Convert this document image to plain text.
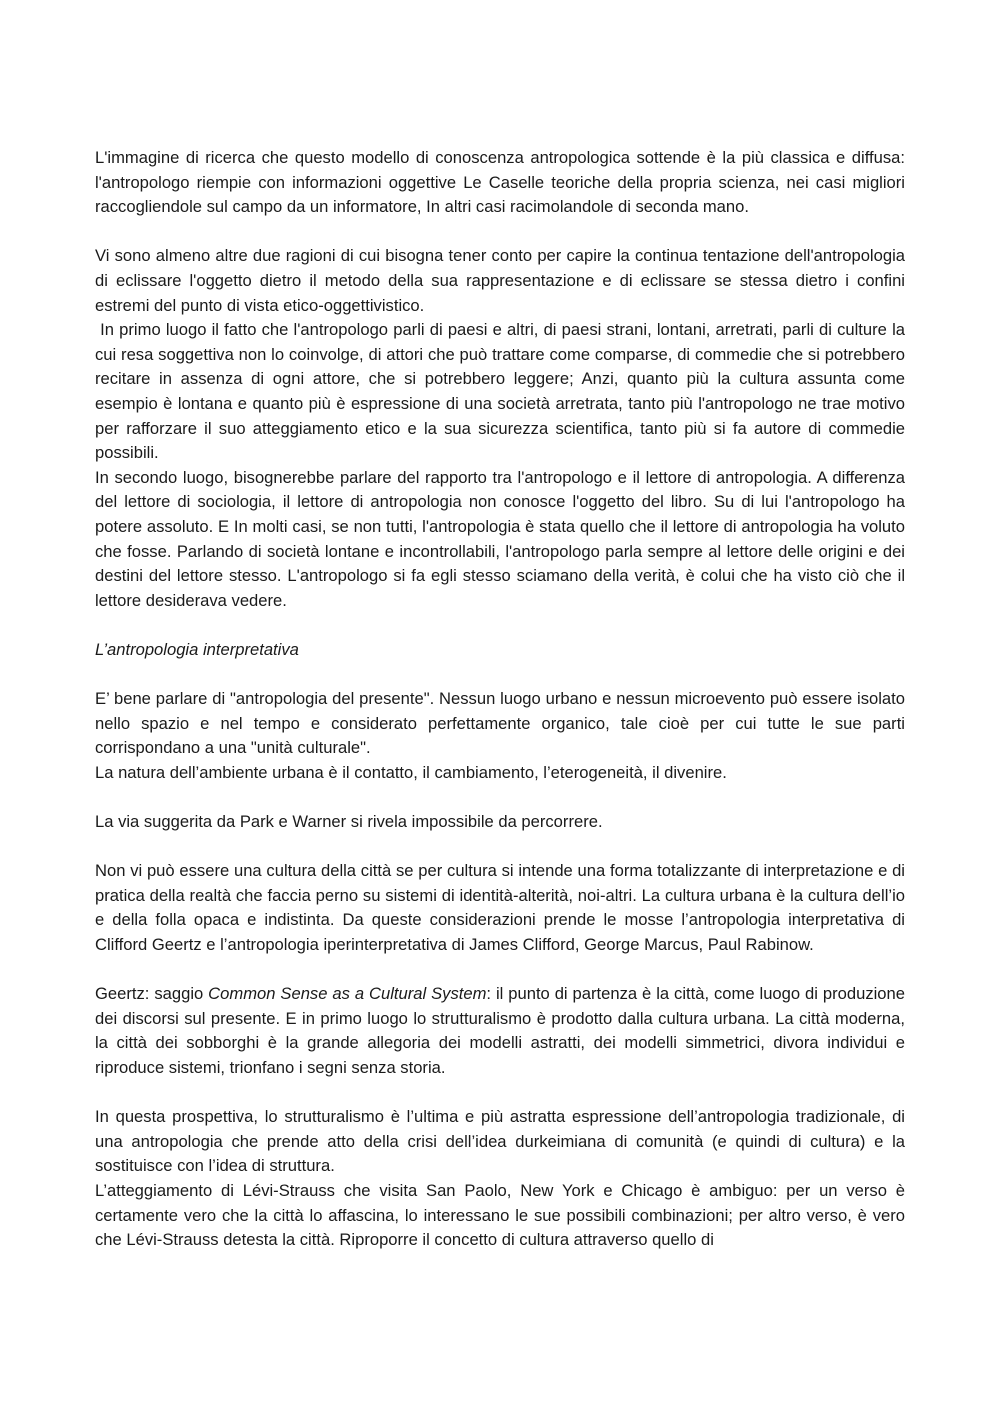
L'immagine di ricerca che questo modello di conoscenza antropologica sottende è la più classica e diffusa: l'antropologo riempie con informazioni oggettive Le Caselle teoriche della propria scienza, nei casi migliori raccogliendole sul campo da un informatore, In altri casi racimolandole di seconda mano.

Vi sono almeno altre due ragioni di cui bisogna tener conto per capire la continua tentazione dell'antropologia di eclissare l'oggetto dietro il metodo della sua rappresentazione e di eclissare se stessa dietro i confini estremi del punto di vista etico-oggettivistico.

In primo luogo il fatto che l'antropologo parli di paesi e altri, di paesi strani, lontani, arretrati, parli di culture la cui resa soggettiva non lo coinvolge, di attori che può trattare come comparse, di commedie che si potrebbero recitare in assenza di ogni attore, che si potrebbero leggere; Anzi, quanto più la cultura assunta come esempio è lontana e quanto più è espressione di una società arretrata, tanto più l'antropologo ne trae motivo per rafforzare il suo atteggiamento etico e la sua sicurezza scientifica, tanto più si fa autore di commedie possibili.

In secondo luogo, bisognerebbe parlare del rapporto tra l'antropologo e il lettore di antropologia. A differenza del lettore di sociologia, il lettore di antropologia non conosce l'oggetto del libro. Su di lui l'antropologo ha potere assoluto. E In molti casi, se non tutti, l'antropologia è stata quello che il lettore di antropologia ha voluto che fosse. Parlando di società lontane e incontrollabili, l'antropologo parla sempre al lettore delle origini e dei destini del lettore stesso. L'antropologo si fa egli stesso sciamano della verità, è colui che ha visto ciò che il lettore desiderava vedere.

L’antropologia interpretativa

E’ bene parlare di "antropologia del presente". Nessun luogo urbano e nessun microevento può essere isolato nello spazio e nel tempo e considerato perfettamente organico, tale cioè per cui tutte le sue parti corrispondano a una "unità culturale".

La natura dell’ambiente urbana è il contatto, il cambiamento, l’eterogeneità, il divenire.

La via suggerita da Park e Warner si rivela impossibile da percorrere.

Non vi può essere una cultura della città se per cultura si intende una forma totalizzante di interpretazione e di pratica della realtà che faccia perno su sistemi di identità-alterità, noi-altri. La cultura urbana è la cultura dell’io e della folla opaca e indistinta. Da queste considerazioni prende le mosse l’antropologia interpretativa di Clifford Geertz e l’antropologia iperinterpretativa di James Clifford, George Marcus, Paul Rabinow.

Geertz: saggio Common Sense as a Cultural System: il punto di partenza è la città, come luogo di produzione dei discorsi sul presente. E in primo luogo lo strutturalismo è prodotto dalla cultura urbana. La città moderna, la città dei sobborghi è la grande allegoria dei modelli astratti, dei modelli simmetrici, divora individui e riproduce sistemi, trionfano i segni senza storia.

In questa prospettiva, lo strutturalismo è l’ultima e più astratta espressione dell’antropologia tradizionale, di una antropologia che prende atto della crisi dell’idea durkeimiana di comunità (e quindi di cultura) e la sostituisce con l’idea di struttura.

L’atteggiamento di Lévi-Strauss che visita San Paolo, New York e Chicago è ambiguo: per un verso è certamente vero che la città lo affascina, lo interessano le sue possibili combinazioni; per altro verso, è vero che Lévi-Strauss detesta la città. Riproporre il concetto di cultura attraverso quello di
